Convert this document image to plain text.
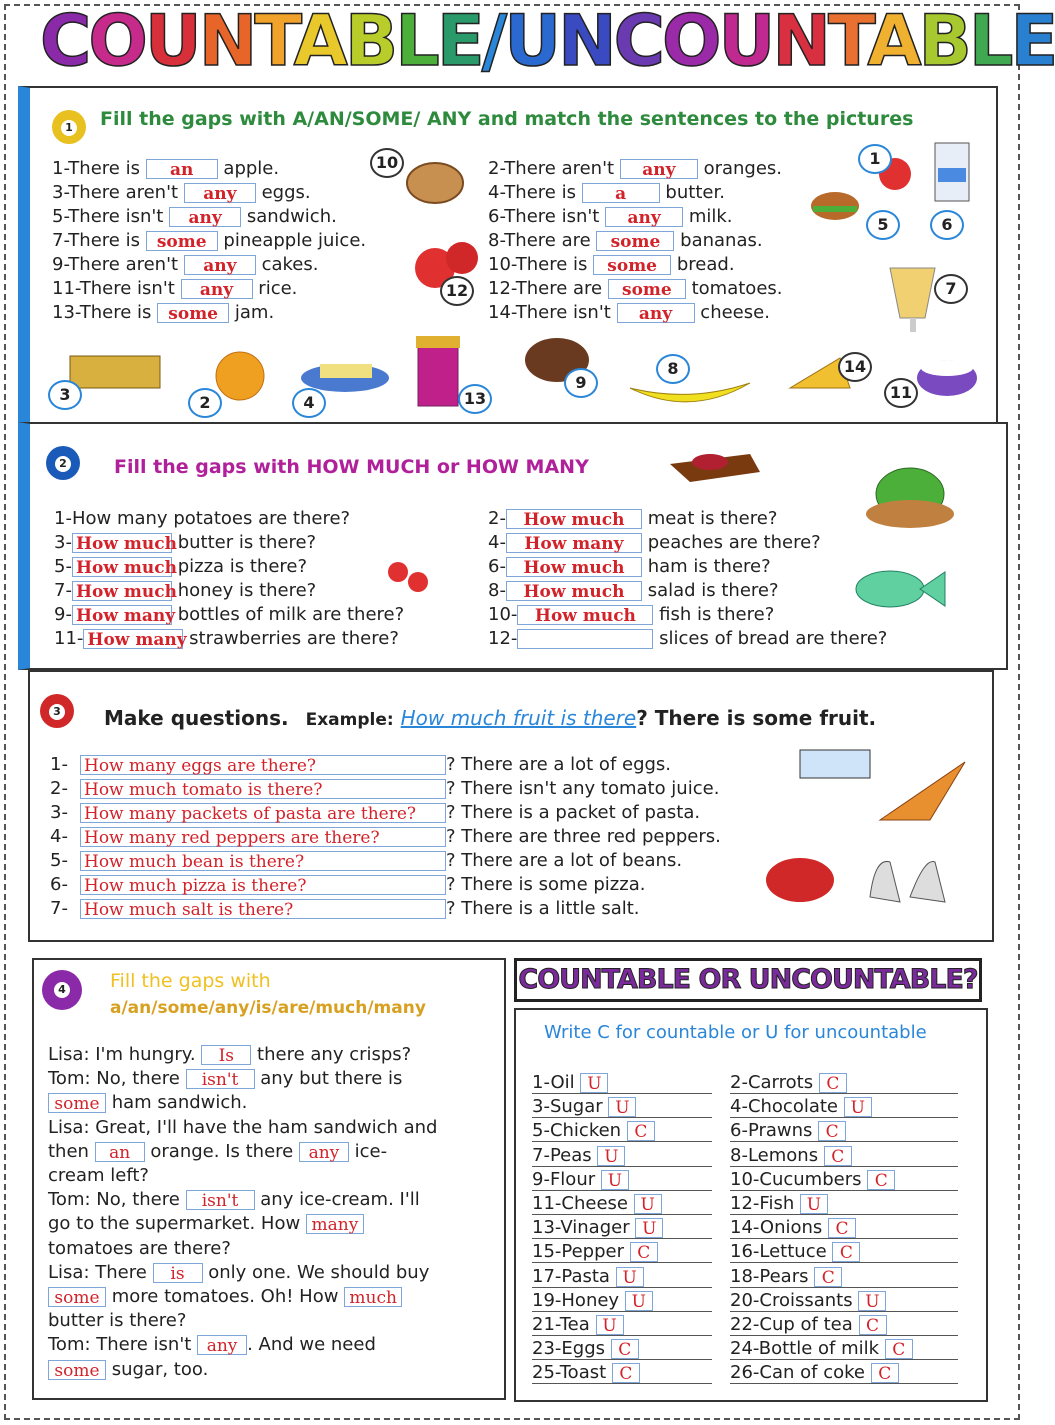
COUNTABLE/UNCOUNTABLE
1 Fill the gaps with A/AN/SOME/ ANY and match the sentences to the pictures
1-There is an apple.
3-There aren't any eggs.
5-There isn't any sandwich.
7-There is some pineapple juice.
9-There aren't any cakes.
11-There isn't any rice.
13-There is some jam.
2-There aren't any oranges.
4-There is a butter.
6-There isn't any milk.
8-There are some bananas.
10-There is some bread.
12-There are some tomatoes.
14-There isn't any cheese.
10	1
5	6
12	7
3	2	4	13
9
8	14
11
2 Fill the gaps with HOW MUCH or HOW MANY
1-How many potatoes are there?
3- How much butter is there?
5- How much pizza is there?
7- How much honey is there?
9- How many bottles of milk are there?
11- How many strawberries are there?
2- How much meat is there?
4- How many peaches are there?
6- How much ham is there?
8- How much salad is there?
10- How much fish is there?
12-	slices of bread are there?
3 Make questions. Example: How much fruit is there? There is some fruit.
1- How many eggs are there?	? There are a lot of eggs.
2- How much tomato is there?	? There isn't any tomato juice.
3- How many packets of pasta are there? ? There is a packet of pasta.
4- How many red peppers are there?	? There are three red peppers.
5- How much bean is there?	? There are a lot of beans.
6- How much pizza is there?	? There is some pizza.
7- How much salt is there?	? There is a little salt.
4 Fill the gaps with
a/an/some/any/is/are/much/many
Lisa: I'm hungry. Is there any crisps?
Tom: No, there isn't any but there is
some ham sandwich.
Lisa: Great, I'll have the ham sandwich and
then an orange. Is there any ice-
cream left?
Tom: No, there isn't any ice-cream. I'll
go to the supermarket. How many
tomatoes are there?
Lisa: There is only one. We should buy
some more tomatoes. Oh! How much
butter is there?
Tom: There isn't any . And we need
some sugar, too.
COUNTABLE OR UNCOUNTABLE?
Write C for countable or U for uncountable
1-Oil U
3-Sugar U
5-Chicken C
7-Peas U
9-Flour U
11-Cheese U
13-Vinager U
15-Pepper C
17-Pasta U
19-Honey U
21-Tea U
23-Eggs C
25-Toast C
2-Carrots C
4-Chocolate U
6-Prawns C
8-Lemons C
10-Cucumbers C
12-Fish U
14-Onions C
16-Lettuce C
18-Pears C
20-Croissants U
22-Cup of tea C
24-Bottle of milk C
26-Can of coke C
